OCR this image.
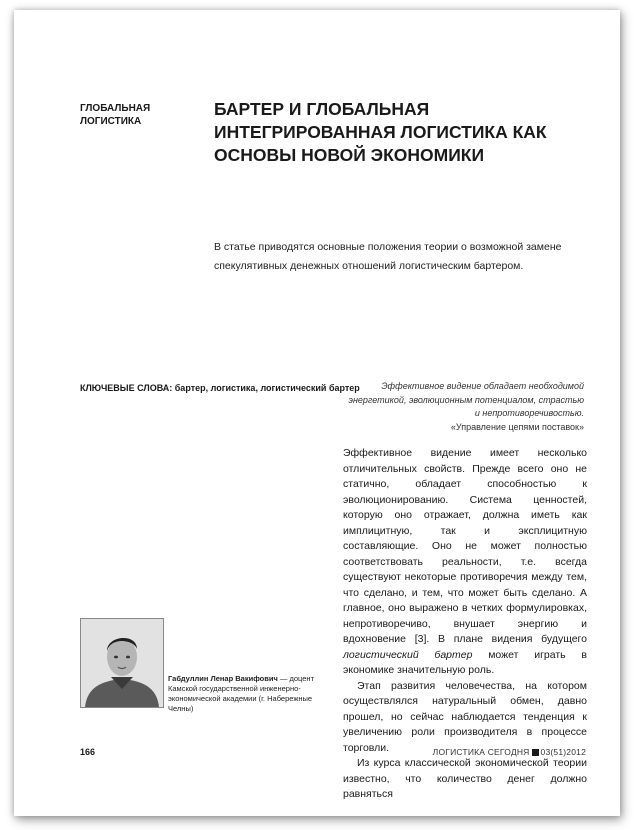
ГЛОБАЛЬНАЯ ЛОГИСТИКА
БАРТЕР И ГЛОБАЛЬНАЯ ИНТЕГРИРОВАННАЯ ЛОГИСТИКА КАК ОСНОВЫ НОВОЙ ЭКОНОМИКИ

В статье приводятся основные положения теории о возможной замене спекулятивных денежных отношений логистическим бартером.

КЛЮЧЕВЫЕ СЛОВА: бартер, логистика, логистический бартер	Эффективное видение обладает необходимой энергетикой, эволюционным потенциалом, страстью и непротиворечивостью.
«Управление цепями поставок»

Эффективное видение имеет несколько отличительных свойств. Прежде всего оно не статично, обладает способностью к эволюционированию. Система ценностей, которую оно отражает, должна иметь как имплицитную, так и эксплицитную составляющие. Оно не может полностью соответствовать реальности, т.е. всегда существуют некоторые противоречия между тем, что сделано, и тем, что может быть сделано. А главное, оно выражено в четких формулировках, непротиворечиво, внушает энергию и вдохновение [3]. В плане видения будущего логистический бартер может играть в экономике значительную роль.

Этап развития человечества, на котором осуществлялся натуральный обмен, давно прошел, но сейчас наблюдается тенденция к увеличению роли производителя в процессе торговли.

Из курса классической экономической теории известно, что количество денег должно равняться

Габдуллин Ленар Вакифович — доцент Камской государственной инженерно-экономической академии (г. Набережные Челны)
166	ЛОГИСТИКА СЕГОДНЯ 03(51)2012
